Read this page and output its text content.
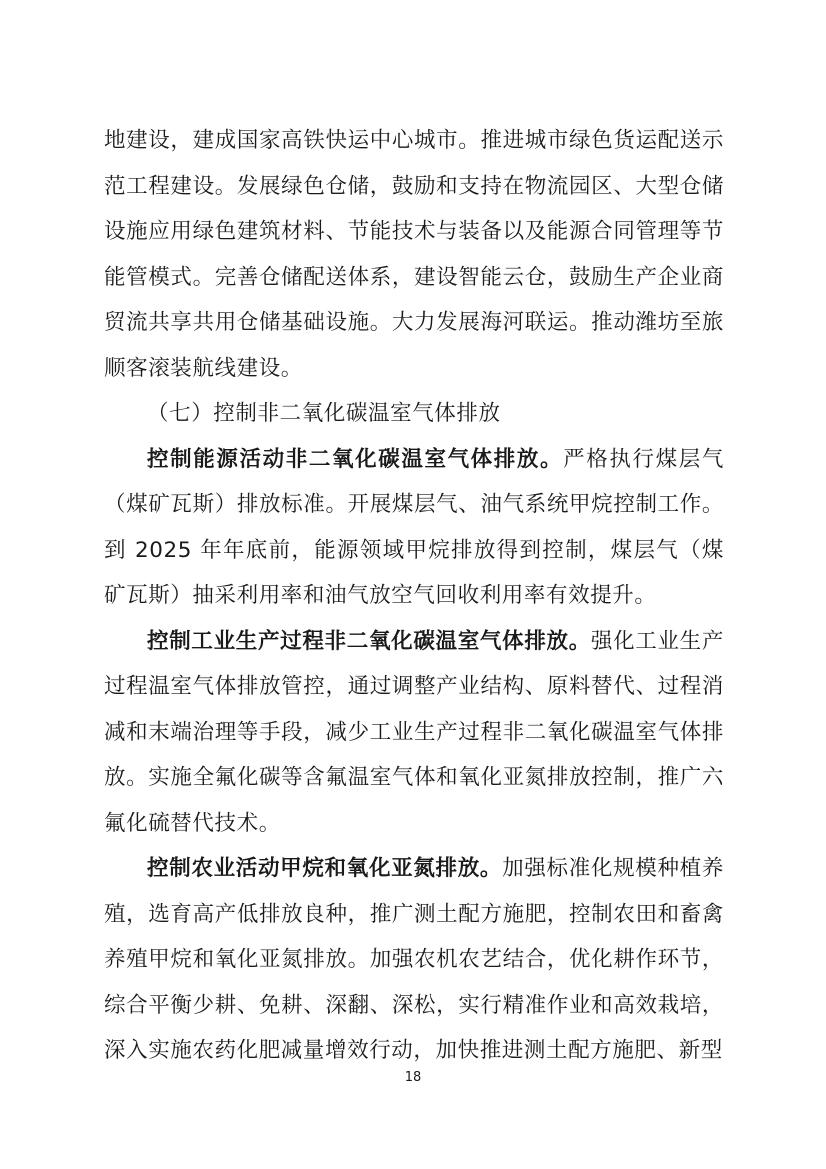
地建设，建成国家高铁快运中心城市。推进城市绿色货运配送示范工程建设。发展绿色仓储，鼓励和支持在物流园区、大型仓储设施应用绿色建筑材料、节能技术与装备以及能源合同管理等节能管模式。完善仓储配送体系，建设智能云仓，鼓励生产企业商贸流共享共用仓储基础设施。大力发展海河联运。推动潍坊至旅顺客滚装航线建设。

（七）控制非二氧化碳温室气体排放

控制能源活动非二氧化碳温室气体排放。严格执行煤层气（煤矿瓦斯）排放标准。开展煤层气、油气系统甲烷控制工作。到 2025 年年底前，能源领域甲烷排放得到控制，煤层气（煤矿瓦斯）抽采利用率和油气放空气回收利用率有效提升。

控制工业生产过程非二氧化碳温室气体排放。强化工业生产过程温室气体排放管控，通过调整产业结构、原料替代、过程消减和末端治理等手段，减少工业生产过程非二氧化碳温室气体排放。实施全氟化碳等含氟温室气体和氧化亚氮排放控制，推广六氟化硫替代技术。

控制农业活动甲烷和氧化亚氮排放。加强标准化规模种植养殖，选育高产低排放良种，推广测土配方施肥，控制农田和畜禽养殖甲烷和氧化亚氮排放。加强农机农艺结合，优化耕作环节，综合平衡少耕、免耕、深翻、深松，实行精准作业和高效栽培，深入实施农药化肥减量增效行动，加快推进测土配方施肥、新型

18
